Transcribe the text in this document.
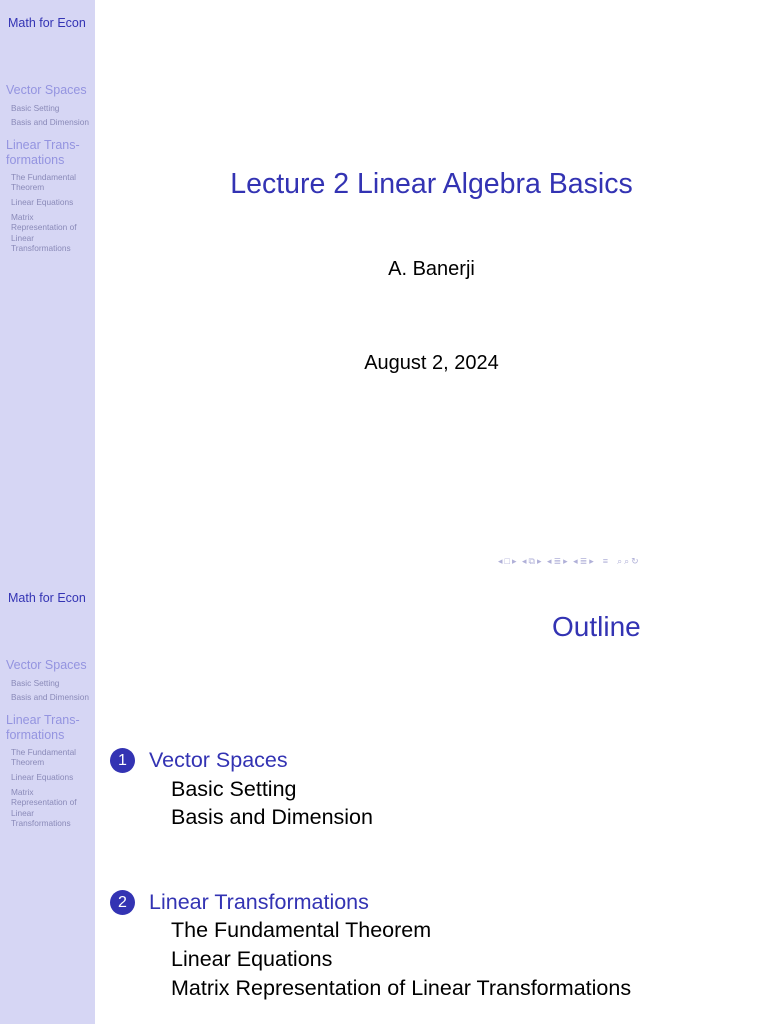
Math for Econ
Vector Spaces
Basic Setting
Basis and Dimension
Linear Trans-formations
The Fundamental Theorem
Linear Equations
Matrix Representation of Linear Transformations
Lecture 2 Linear Algebra Basics
A. Banerji
August 2, 2024
◂□▸ ◂⧉▸ ◂≣▸ ◂≣▸ ≡ ⌕⌕↻
Math for Econ
Vector Spaces
Basic Setting
Basis and Dimension
Linear Trans-formations
The Fundamental Theorem
Linear Equations
Matrix Representation of Linear Transformations
Outline
1	Vector Spaces
Basic Setting
Basis and Dimension
2	Linear Transformations
The Fundamental Theorem
Linear Equations
Matrix Representation of Linear Transformations
